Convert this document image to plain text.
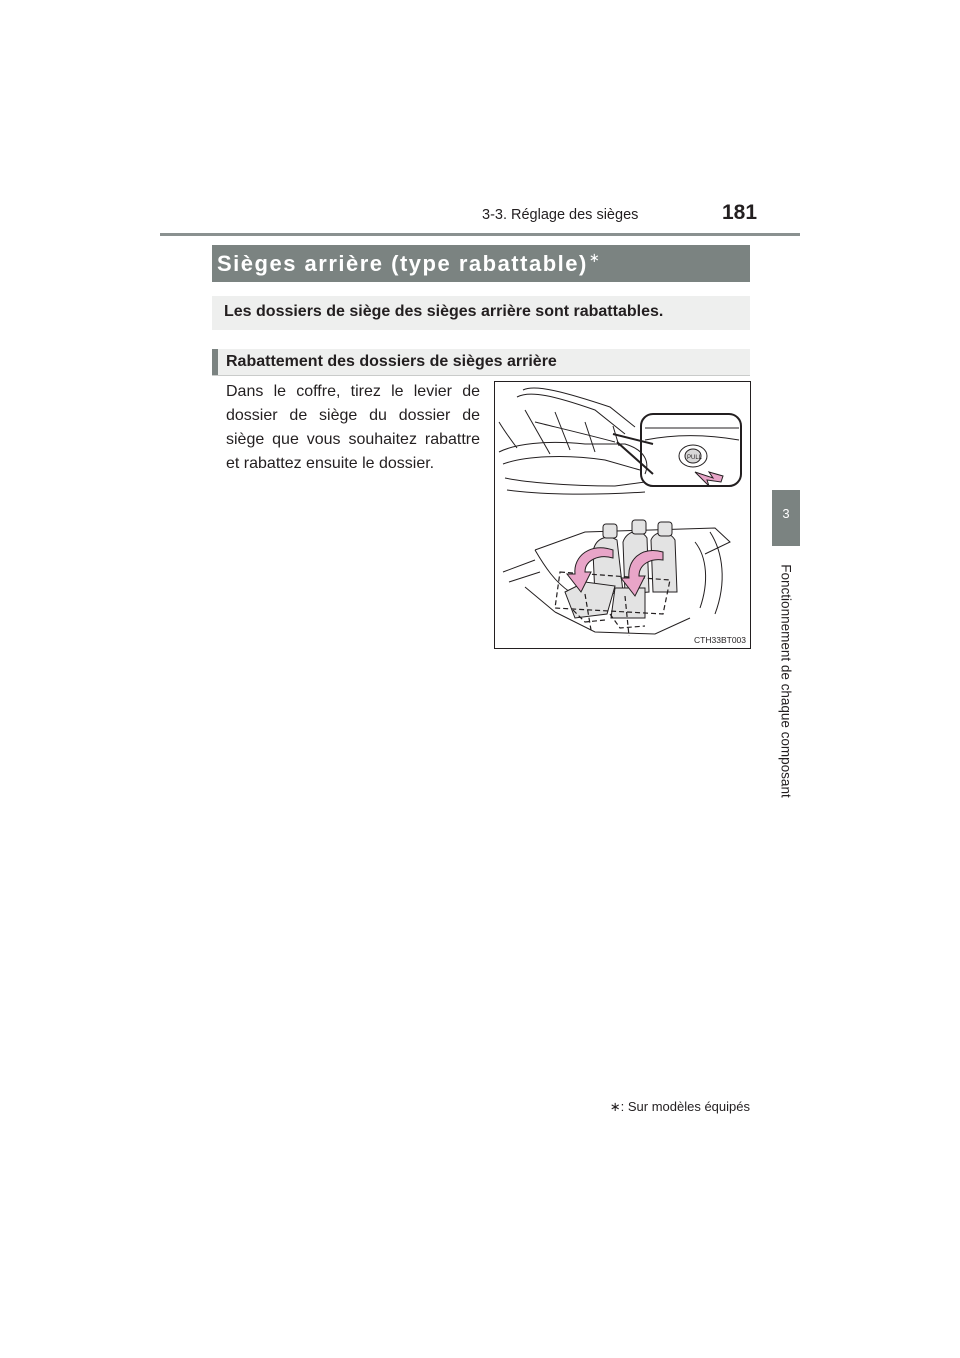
3-3. Réglage des sièges	181
3
Fonctionnement de chaque composant
Sièges arrière (type rabattable)∗
Les dossiers de siège des sièges arrière sont rabattables.
Rabattement des dossiers de sièges arrière
Dans le coffre, tirez le levier de dossier de siège du dossier de siège que vous souhaitez rabattre et rabattez ensuite le dossier.	PULL
CTH33BT003
∗: Sur modèles équipés
